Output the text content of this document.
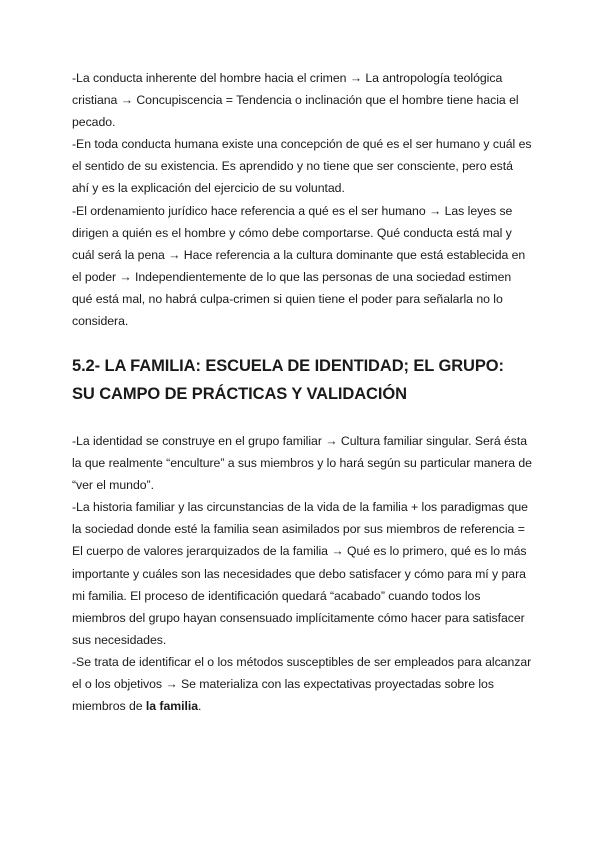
-La conducta inherente del hombre hacia el crimen → La antropología teológica cristiana → Concupiscencia = Tendencia o inclinación que el hombre tiene hacia el pecado.

-En toda conducta humana existe una concepción de qué es el ser humano y cuál es el sentido de su existencia. Es aprendido y no tiene que ser consciente, pero está ahí y es la explicación del ejercicio de su voluntad.

-El ordenamiento jurídico hace referencia a qué es el ser humano → Las leyes se dirigen a quién es el hombre y cómo debe comportarse. Qué conducta está mal y cuál será la pena → Hace referencia a la cultura dominante que está establecida en el poder → Independientemente de lo que las personas de una sociedad estimen qué está mal, no habrá culpa-crimen si quien tiene el poder para señalarla no lo considera.

5.2- LA FAMILIA: ESCUELA DE IDENTIDAD; EL GRUPO: SU CAMPO DE PRÁCTICAS Y VALIDACIÓN

-La identidad se construye en el grupo familiar → Cultura familiar singular. Será ésta la que realmente “enculture” a sus miembros y lo hará según su particular manera de “ver el mundo”.

-La historia familiar y las circunstancias de la vida de la familia + los paradigmas que la sociedad donde esté la familia sean asimilados por sus miembros de referencia = El cuerpo de valores jerarquizados de la familia → Qué es lo primero, qué es lo más importante y cuáles son las necesidades que debo satisfacer y cómo para mí y para mi familia. El proceso de identificación quedará “acabado” cuando todos los miembros del grupo hayan consensuado implícitamente cómo hacer para satisfacer sus necesidades.

-Se trata de identificar el o los métodos susceptibles de ser empleados para alcanzar el o los objetivos → Se materializa con las expectativas proyectadas sobre los miembros de la familia.
